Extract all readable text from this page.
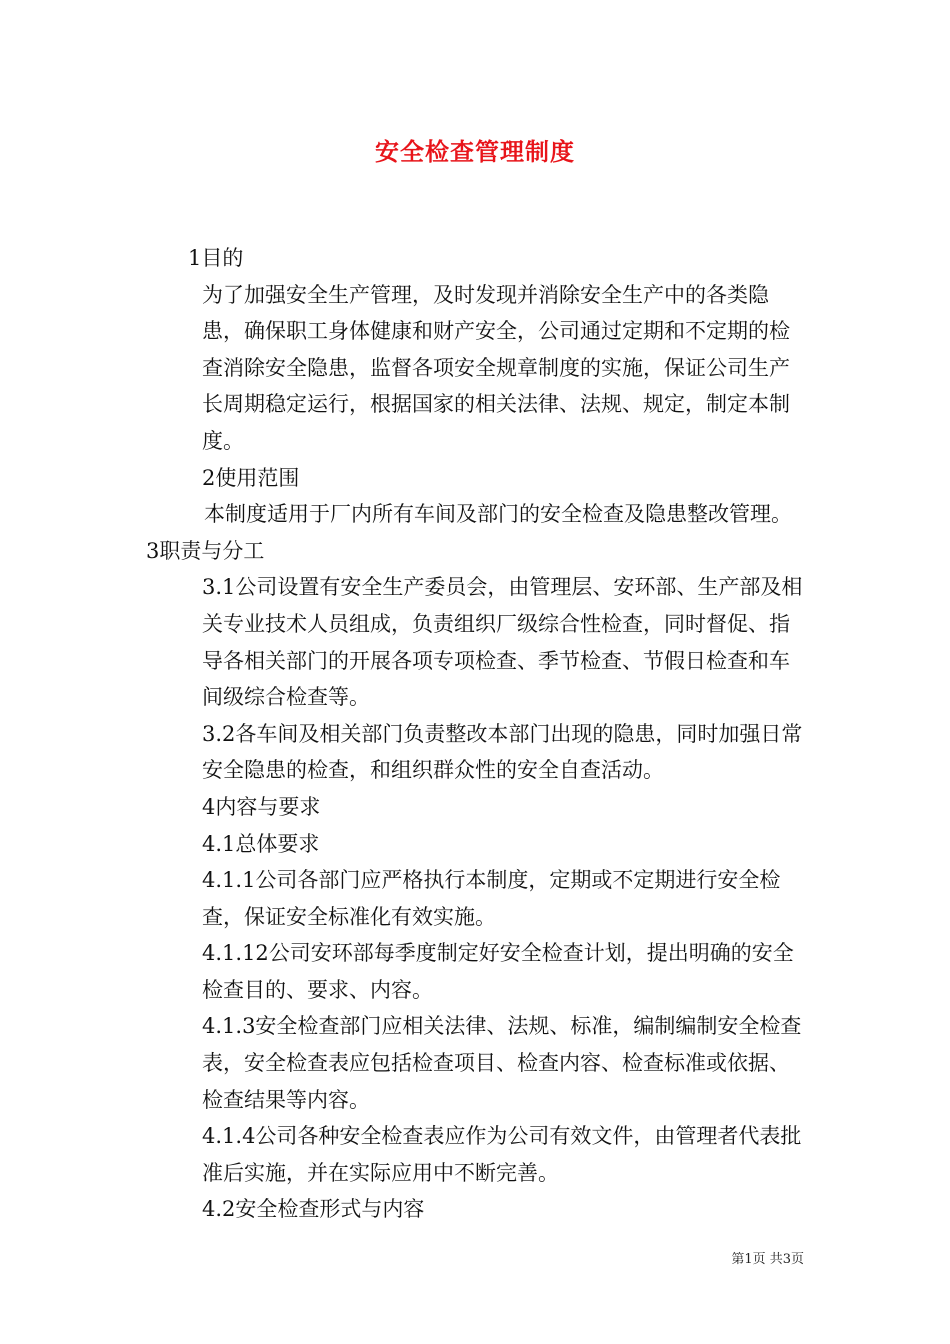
安全检查管理制度

1目的

为了加强安全生产管理，及时发现并消除安全生产中的各类隐患，确保职工身体健康和财产安全，公司通过定期和不定期的检查消除安全隐患，监督各项安全规章制度的实施，保证公司生产长周期稳定运行，根据国家的相关法律、法规、规定，制定本制度。

2使用范围

本制度适用于厂内所有车间及部门的安全检查及隐患整改管理。

3职责与分工

3.1公司设置有安全生产委员会，由管理层、安环部、生产部及相关专业技术人员组成，负责组织厂级综合性检查，同时督促、指导各相关部门的开展各项专项检查、季节检查、节假日检查和车间级综合检查等。

3.2各车间及相关部门负责整改本部门出现的隐患，同时加强日常安全隐患的检查，和组织群众性的安全自查活动。

4内容与要求

4.1总体要求

4.1.1公司各部门应严格执行本制度，定期或不定期进行安全检查，保证安全标准化有效实施。

4.1.12公司安环部每季度制定好安全检查计划，提出明确的安全检查目的、要求、内容。

4.1.3安全检查部门应相关法律、法规、标准，编制编制安全检查表，安全检查表应包括检查项目、检查内容、检查标准或依据、检查结果等内容。

4.1.4公司各种安全检查表应作为公司有效文件，由管理者代表批准后实施，并在实际应用中不断完善。

4.2安全检查形式与内容

第1页 共3页
